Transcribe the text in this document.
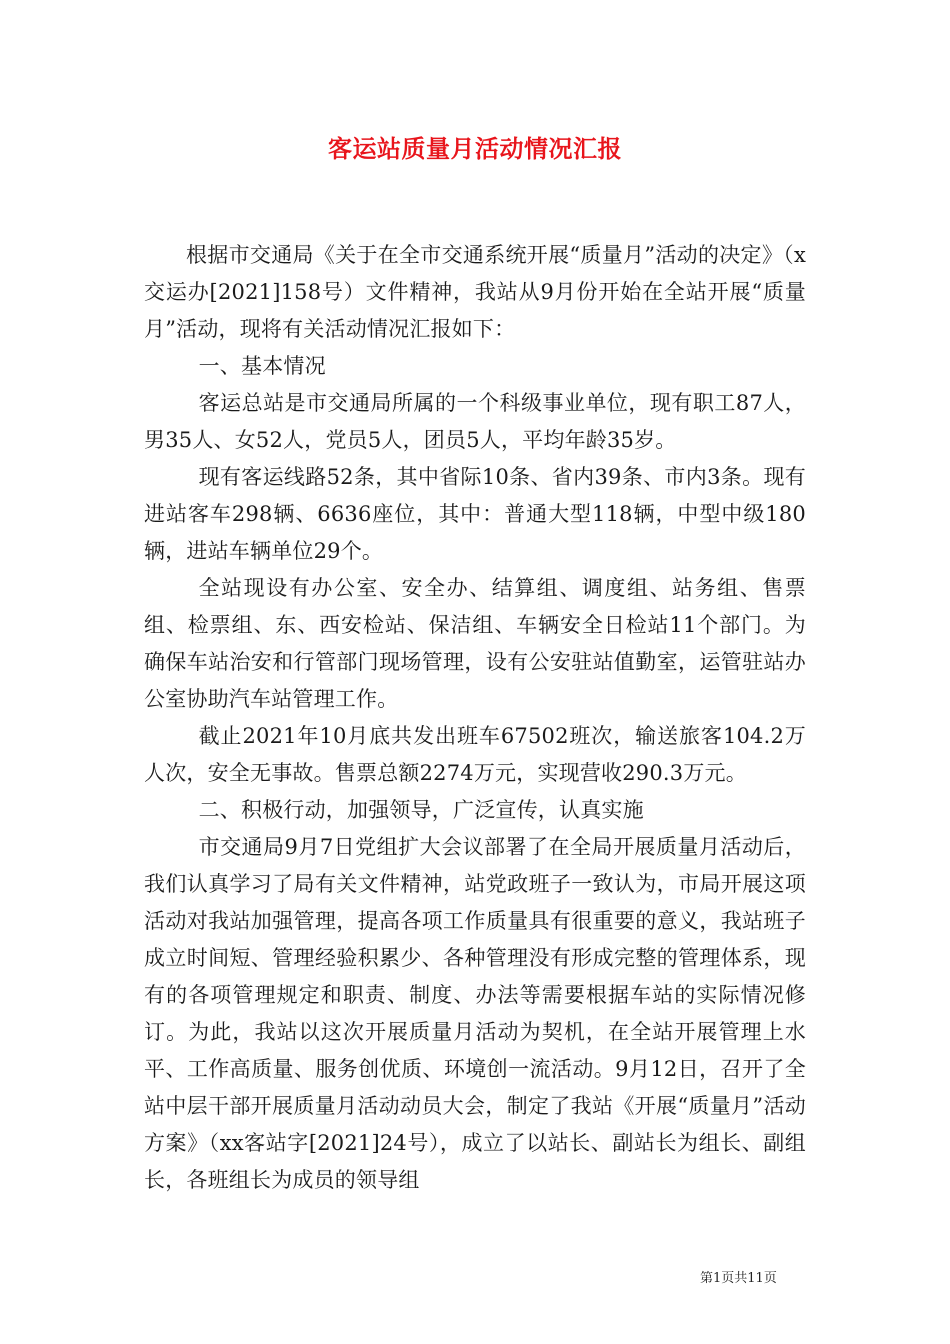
客运站质量月活动情况汇报

根据市交通局《关于在全市交通系统开展“质量月”活动的决定》（x交运办[2021]158号）文件精神，我站从9月份开始在全站开展“质量月”活动，现将有关活动情况汇报如下：

一、基本情况

客运总站是市交通局所属的一个科级事业单位，现有职工87人，男35人、女52人，党员5人，团员5人，平均年龄35岁。

现有客运线路52条，其中省际10条、省内39条、市内3条。现有进站客车298辆、6636座位，其中：普通大型118辆，中型中级180辆，进站车辆单位29个。

全站现设有办公室、安全办、结算组、调度组、站务组、售票组、检票组、东、西安检站、保洁组、车辆安全日检站11个部门。为确保车站治安和行管部门现场管理，设有公安驻站值勤室，运管驻站办公室协助汽车站管理工作。

截止2021年10月底共发出班车67502班次，输送旅客104.2万人次，安全无事故。售票总额2274万元，实现营收290.3万元。

二、积极行动，加强领导，广泛宣传，认真实施

市交通局9月7日党组扩大会议部署了在全局开展质量月活动后，我们认真学习了局有关文件精神，站党政班子一致认为，市局开展这项活动对我站加强管理，提高各项工作质量具有很重要的意义，我站班子成立时间短、管理经验积累少、各种管理没有形成完整的管理体系，现有的各项管理规定和职责、制度、办法等需要根据车站的实际情况修订。为此，我站以这次开展质量月活动为契机，在全站开展管理上水平、工作高质量、服务创优质、环境创一流活动。9月12日，召开了全站中层干部开展质量月活动动员大会，制定了我站《开展“质量月”活动方案》（xx客站字[2021]24号），成立了以站长、副站长为组长、副组长，各班组长为成员的领导组

第1页共11页
